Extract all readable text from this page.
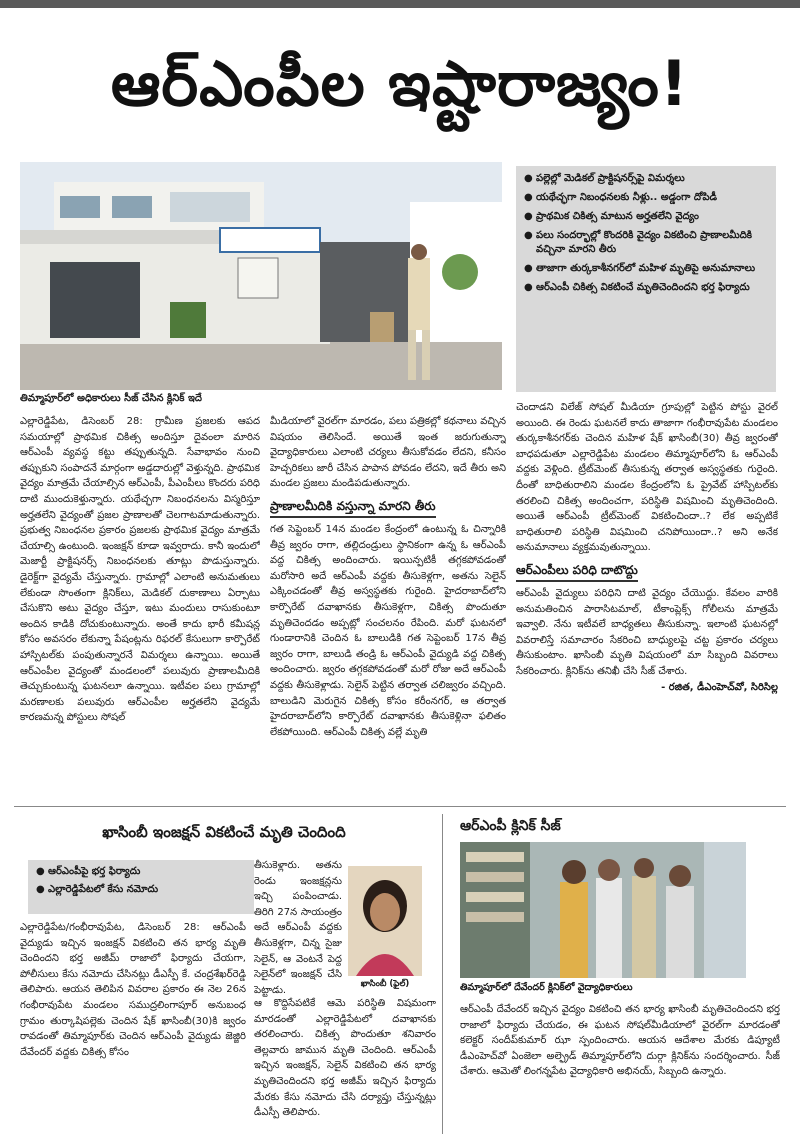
ఆర్‌ఎంపీల ఇష్టారాజ్యం!
తిమ్మాపూర్‌లో అధికారులు సీజ్‌ చేసిన క్లినిక్‌ ఇదే
● పల్లెల్లో మెడికల్‌ ప్రాక్టిషనర్స్‌పై విమర్శలు
● యథేచ్ఛగా నిబంధనలకు నీళ్లు.. అడ్డంగా దోపిడీ
● ప్రాథమిక చికిత్స మాటున అర్హతలేని వైద్యం
● పలు సందర్భాల్లో కొందరికి వైద్యం వికటించి ప్రాణాలమీదికి వచ్చినా మారని తీరు
● తాజాగా తుర్కకాశీనగర్‌లో మహిళ మృతిపై అనుమానాలు
● ఆర్‌ఎంపీ చికిత్స వికటించే మృతిచెందిందని భర్త ఫిర్యాదు

ఎల్లారెడ్డిపేట, డిసెంబర్‌ 28: గ్రామీణ ప్రజలకు ఆపద సమయాల్లో ప్రాథమిక చికిత్స అందిస్తూ దైవంలా మారిన ఆర్‌ఎంపీ వ్యవస్థ కట్టు తప్పుతున్నది. సేవాభావం నుంచి తప్పుకుని సంపాదనే మార్గంగా అడ్డదారుల్లో వెళ్తున్నది. ప్రాథమిక వైద్యం మాత్రమే చేయాల్సిన ఆర్‌ఎంపీ, పీఎంపీలు కొందరు పరిధి దాటి ముందుకెళ్తున్నారు. యథేచ్ఛగా నిబంధనలను విస్మరిస్తూ అర్హతలేని వైద్యంతో ప్రజల ప్రాణాలతో చెలగాటమాడుతున్నారు. ప్రభుత్వ నిబంధనల ప్రకారం ప్రజలకు ప్రాథమిక వైద్యం మాత్రమే చేయాల్సి ఉంటుంది. ఇంజక్షన్‌ కూడా ఇవ్వరాదు. కానీ ఇందులో మెజార్టీ ప్రాక్టిషనర్స్‌ నిబంధనలకు తూట్లు పొడుస్తున్నారు. డైరెక్ట్‌గా వైద్యమే చేస్తున్నారు. గ్రామాల్లో ఎలాంటి అనుమతులు లేకుండా సొంతంగా క్లినిక్‌లు, మెడికల్‌ దుకాణాలు ఏర్పాటు చేసుకొని అటు వైద్యం చేస్తూ, ఇటు మందులు రాసుకుంటూ అందిన కాడికి దోచుకుంటున్నారు. అంతే కాదు భారీ కమీషన్ల కోసం అవసరం లేకున్నా పేషంట్లను రిఫరల్‌ కేసులుగా కార్పొరేట్‌ హాస్పిటల్‌కు పంపుతున్నారనే విమర్శలు ఉన్నాయి. అయితే ఆర్‌ఎంపీల వైద్యంతో మండలంలో పలువురు ప్రాణాలమీదికి తెచ్చుకుంటున్న ఘటనలూ ఉన్నాయి. ఇటీవల పలు గ్రామాల్లో మరణాలకు పలువురు ఆర్‌ఎంపీల అర్హతలేని వైద్యమే కారణమన్న పోస్టులు సోషల్‌

మీడియాలో వైరల్‌గా మారడం, పలు పత్రికల్లో కథనాలు వచ్చిన విషయం తెలిసిందే. అయితే ఇంత జరుగుతున్నా వైద్యాధికారులు ఎలాంటి చర్యలు తీసుకోవడం లేదని, కనీసం హెచ్చరికలు జారీ చేసిన పాపాన పోవడం లేదని, ఇదే తీరు అని మండల ప్రజలు మండిపడుతున్నారు.

ప్రాణాలమీదికి వస్తున్నా మారని తీరు

గత సెప్టెంబర్‌ 14న మండల కేంద్రంలో ఉంటున్న ఓ చిన్నారికి తీవ్ర జ్వరం రాగా, తల్లిదండ్రులు స్థానికంగా ఉన్న ఓ ఆర్‌ఎంపీ వద్ద చికిత్స అందించారు. ఇయిన్పటికీ తగ్గకపోవడంతో మరోసారి అదే ఆర్‌ఎంపీ వద్దకు తీసుకెళ్లగా, అతను సెలైన్‌ ఎక్కించడంతో తీవ్ర అస్వస్థతకు గురైంది. హైదరాబాద్‌లోని కార్పొరేట్‌ దవాఖానకు తీసుకెళ్లగా, చికిత్స పొందుతూ మృతిచెందడం అప్పట్లో సంచలనం రేపింది. మరో ఘటనలో గుండారానికి చెందిన ఓ బాలుడికి గత సెప్టెంబర్‌ 17న తీవ్ర జ్వరం రాగా, బాలుడి తండ్రి ఓ ఆర్‌ఎంపీ వైద్యుడి వద్ద చికిత్స అందించారు. జ్వరం తగ్గకపోవడంతో మరో రోజు అదే ఆర్‌ఎంపీ వద్దకు తీసుకెళ్లాడు. సెలైన్‌ పెట్టిన తర్వాత చలిజ్వరం వచ్చింది. బాలుడిని మెరుగైన చికిత్స కోసం కరీంనగర్‌, ఆ తర్వాత హైదరాబాద్‌లోని కార్పొరేట్‌ దవాఖానకు తీసుకెళ్లినా ఫలితం లేకపోయింది. ఆర్‌ఎంపీ చికిత్స వల్లే మృతి

చెందాడని విలేజ్‌ సోషల్‌ మీడియా గ్రూపుల్లో పెట్టిన పోస్టు వైరల్‌ అయింది. ఈ రెండు ఘటనలే కాదు తాజాగా గంభీరావుపేట మండలం తుర్కకాశీనగర్‌కు చెందిన మహిళ షేక్‌ ఖాసింబీ(30) తీవ్ర జ్వరంతో బాధపడుతూ ఎల్లారెడ్డిపేట మండలం తిమ్మాపూర్‌లోని ఓ ఆర్‌ఎంపీ వద్దకు వెళ్లింది. ట్రీట్‌మెంట్‌ తీసుకున్న తర్వాత అస్వస్థతకు గురైంది. దీంతో బాధితురాలిని మండల కేంద్రంలోని ఓ ప్రైవేట్‌ హాస్పిటల్‌కు తరలించి చికిత్స అందించగా, పరిస్థితి విషమించి మృతిచెందింది. అయితే ఆర్‌ఎంపీ ట్రీట్‌మెంట్‌ వికటించిందా..? లేక అప్పటికే బాధితురాలి పరిస్థితి విషమించి చనిపోయిందా..? అని అనేక అనుమానాలు వ్యక్తమవుతున్నాయి.

ఆర్‌ఎంపీలు పరిధి దాటొద్దు

ఆర్‌ఎంపీ వైద్యులు పరిధిని దాటి వైద్యం చేయొద్దు. కేవలం వారికి అనుమతించిన పారాసిటమాల్‌, టీకాంప్లెక్స్‌ గోలీలను మాత్రమే ఇవ్వాలి. నేను ఇటీవలే బాధ్యతలు తీసుకున్నా. ఇలాంటి ఘటనల్లో వివరాలిస్తే సమాచారం సేకరించి బాధ్యులపై చట్ట ప్రకారం చర్యలు తీసుకుంటాం. ఖాసింబీ మృతి విషయంలో మా సిబ్బంది వివరాలు సేకరించారు. క్లినిక్‌ను తనిఖీ చేసి సీజ్‌ చేశారు.

- రజిత, డీఎంహెచ్‌వో, సిరిసిల్ల
ఖాసింబీ ఇంజక్షన్‌ వికటించే మృతి చెందింది
● ఆర్‌ఎంపీపై భర్త ఫిర్యాదు
● ఎల్లారెడ్డిపేటలో కేసు నమోదు

ఎల్లారెడ్డిపేట/గంభీరావుపేట, డిసెంబర్‌ 28: ఆర్‌ఎంపీ వైద్యుడు ఇచ్చిన ఇంజక్షన్‌ వికటించి తన భార్య మృతి చెందిందని భర్త అజీమ్‌ రాజాలో ఫిర్యాదు చేయగా, పోలీసులు కేసు నమోదు చేసినట్లు డీఎస్పీ కే. చంద్రశేఖర్‌రెడ్డి తెలిపారు. ఆయన తెలిపిన వివరాల ప్రకారం ఈ నెల 26న గంభీరావుపేట మండలం సముద్రలింగాపూర్‌ అనుబంధ గ్రామం తుర్కాషిపల్లెకు చెందిన షేక్‌ ఖాసింబీ(30)కి జ్వరం రావడంతో తిమ్మాపూర్‌కు చెందిన ఆర్‌ఎంపీ వైద్యుడు జెజ్జిరి దేవేందర్‌ వద్దకు చికిత్స కోసం

తీసుకెళ్లారు. అతను రెండు ఇంజక్షన్లను ఇచ్చి పంపించాడు. తిరిగి 27న సాయంత్రం అదే ఆర్‌ఎంపీ వద్దకు తీసుకెళ్లగా, చిన్న సైజు సెలైన్‌, ఆ వెంటనే పెద్ద సెలైన్‌లో ఇంజక్షన్‌ చేసి పెట్టాడు.

ఆ కొద్దిసేపటికే ఆమె పరిస్థితి విషమంగా మారడంతో ఎల్లారెడ్డిపేటలో దవాఖానకు తరలించారు. చికిత్స పొందుతూ శనివారం తెల్లవారు జామున మృతి చెందింది. ఆర్‌ఎంపీ ఇచ్చిన ఇంజక్షన్‌, సెలైన్‌ వికటించి తన భార్య మృతిచెందిందని భర్త అజీమ్‌ ఇచ్చిన ఫిర్యాదు మేరకు కేసు నమోదు చేసి దర్యాప్తు చేస్తున్నట్లు డీఎస్పీ తెలిపారు.

ఖాసింబీ (ఫైల్‌)
ఆర్‌ఎంపీ క్లినిక్‌ సీజ్‌
తిమ్మాపూర్‌లో దేవేందర్‌ క్లినిక్‌లో వైద్యాధికారులు

ఆర్‌ఎంపీ దేవేందర్‌ ఇచ్చిన వైద్యం వికటించి తన భార్య ఖాసింబీ మృతిచెందిందని భర్త రాజాలో ఫిర్యాదు చేయడం, ఈ ఘటన సోషల్‌మీడియాలో వైరల్‌గా మారడంతో కలెక్టర్‌ సందీప్‌కుమార్‌ ఝా స్పందించారు. ఆయన ఆదేశాల మేరకు డిప్యూటీ డీఎంహెచ్‌వో ఏంజెలా అల్ఫ్రెడ్‌ తిమ్మాపూర్‌లోని దుర్గా క్లినిక్‌ను సందర్శించారు. సీజ్‌ చేశారు. ఆమెతో లింగన్నపేట వైద్యాధికారి అభినయ్‌, సిబ్బంది ఉన్నారు.
